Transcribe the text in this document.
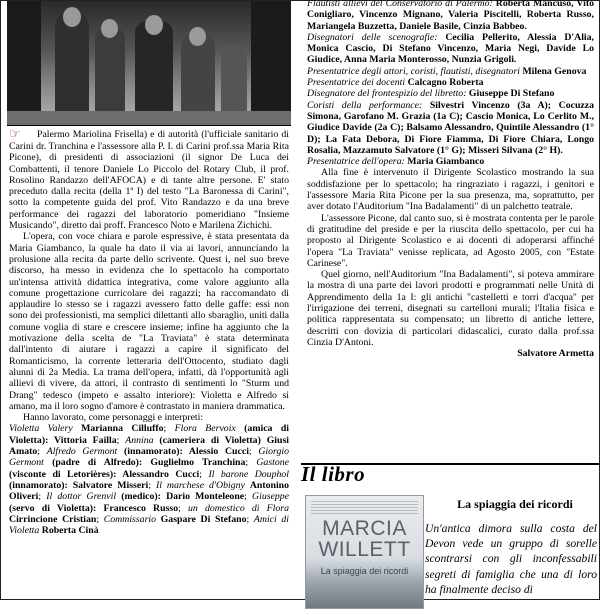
☞ Palermo Mariolina Frisella) e di autorità (l'ufficiale sanitario di Carini dr. Tranchina e l'assessore alla P. I. di Carini prof.ssa Maria Rita Picone), di presidenti di associazioni (il signor De Luca dei Combattenti, il tenore Daniele Lo Piccolo del Rotary Club, il prof. Rosolino Randazzo dell'AFOCA) e di tante altre persone. E' stato preceduto dalla recita (della 1ª I) del testo "La Baronessa di Carini", sotto la competente guida del prof. Vito Randazzo e da una breve performance dei ragazzi del laboratorio pomeridiano "Insieme Musicando", diretto dai proff. Francesco Noto e Marilena Zichichi.

L'opera, con voce chiara e parole espressive, è stata presentata da Maria Giambanco, la quale ha dato il via ai lavori, annunciando la prolusione alla recita da parte dello scrivente. Quest i, nel suo breve discorso, ha messo in evidenza che lo spettacolo ha comportato un'intensa attività didattica integrativa, come valore aggiunto alla comune progettazione curricolare dei ragazzi; ha raccomandato di applaudire lo stesso se i ragazzi avessero fatto delle gaffe: essi non sono dei professionisti, ma semplici dilettanti allo sbaraglio, uniti dalla comune voglia di stare e crescere insieme; infine ha aggiunto che la motivazione della scelta de "La Traviata" è stata determinata dall'intento di aiutare i ragazzi a capire il significato del Romanticismo, la corrente letteraria dell'Ottocento, studiato dagli alunni di 2a Media. La trama dell'opera, infatti, dà l'opportunità agli allievi di vivere, da attori, il contrasto di sentimenti lo "Sturm und Drang" tedesco (impeto e assalto interiore): Violetta e Alfredo si amano, ma il loro sogno d'amore è contrastato in maniera drammatica.

Hanno lavorato, come personaggi e interpreti:

Violetta Valery Marianna Cilluffo; Flora Bervoix (amica di Violetta): Vittoria Failla; Annina (cameriera di Violetta) Giusi Amato; Alfredo Germont (innamorato): Alessio Cucci; Giorgio Germont (padre di Alfredo): Guglielmo Tranchina; Gastone (visconte di Letorières): Alessandro Cucci; Il barone Douphol (innamorato): Salvatore Misseri; Il marchese d'Obigny Antonino Oliveri; Il dottor Grenvil (medico): Dario Monteleone; Giuseppe (servo di Violetta): Francesco Russo; un domestico di Flora Cirrincione Cristian; Commissario Gaspare Di Stefano; Amici di Violetta Roberta Cinà

Flautisti allievi del Conservatorio di Palermo: Roberta Mancuso, Vito Conigliaro, Vincenzo Mignano, Valeria Piscitelli, Roberta Russo, Mariangela Buzzetta, Daniele Basile, Cinzia Babbeo.

Disegnatori delle scenografie: Cecilia Pellerito, Alessia D'Alia, Monica Cascio, Di Stefano Vincenzo, Maria Negi, Davide Lo Giudice, Anna Maria Monterosso, Nunzia Grigoli.

Presentatrice degli attori, coristi, flautisti, disegnatori Milena Genova

Presentatrice dei docenti Calcagno Roberta

Disegnatore del frontespizio del libretto: Giuseppe Di Stefano

Coristi della performance: Silvestri Vincenzo (3a A); Cocuzza Simona, Garofano M. Grazia (1a C); Cascio Monica, Lo Cerlito M., Giudice Davide (2a C); Balsamo Alessandro, Quintile Alessandro (1° D); La Fata Debora, Di Fiore Fiamma, Di Fiore Chiara, Longo Rosalia, Mazzamuto Salvatore (1° G); Misseri Silvana (2° H).

Presentatrice dell'opera: Maria Giambanco

Alla fine è intervenuto il Dirigente Scolastico mostrando la sua soddisfazione per lo spettacolo; ha ringraziato i ragazzi, i genitori e l'assessore Maria Rita Picone per la sua presenza, ma, soprattutto, per aver dotato l'Auditorium "Ina Badalamenti" di un palchetto teatrale.

L'assessore Picone, dal canto suo, si è mostrata contenta per le parole di gratitudine del preside e per la riuscita dello spettacolo, per cui ha proposto al Dirigente Scolastico e ai docenti di adoperarsi affinché l'opera "La Traviata" venisse replicata, ad Agosto 2005, con "Estate Carinese".

Quel giorno, nell'Auditorium "Ina Badalamenti", si poteva ammirare la mostra di una parte dei lavori prodotti e programmati nelle Unità di Apprendimento della 1a I: gli antichi "castelletti e torri d'acqua" per l'irrigazione dei terreni, disegnati su cartelloni murali; l'Italia fisica e politica rappresentata su compensato; un libretto di antiche lettere, descritti con dovizia di particolari didascalici, curato dalla prof.ssa Cinzia D'Antoni.

Salvatore Armetta

Il libro
MARCIA WILLETT
La spiaggia dei ricordi
La spiaggia dei ricordi
Un'antica dimora sulla costa del Devon vede un gruppo di sorelle scontrarsi con gli inconfessabili segreti di famiglia che una di loro ha finalmente deciso di
